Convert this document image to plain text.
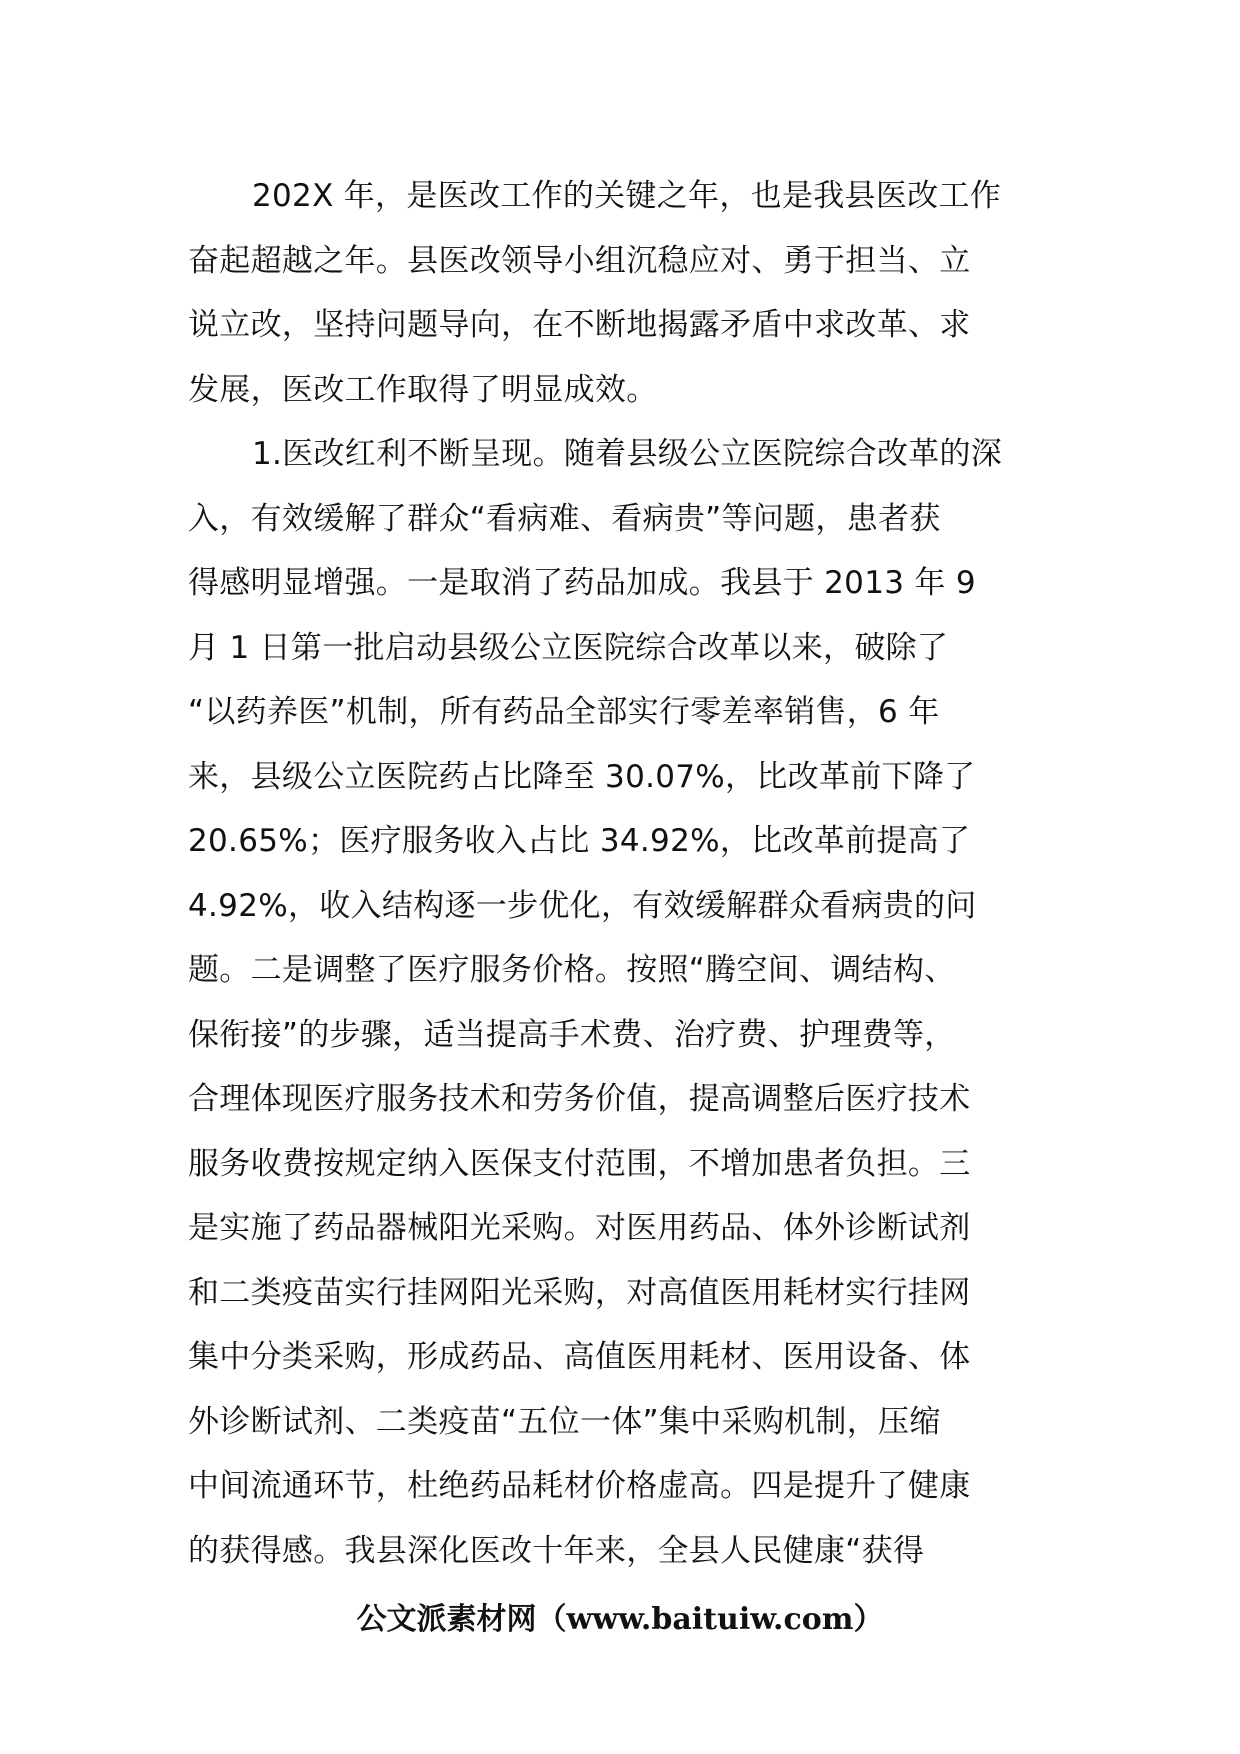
202X 年，是医改工作的关键之年，也是我县医改工作
奋起超越之年。县医改领导小组沉稳应对、勇于担当、立
说立改，坚持问题导向，在不断地揭露矛盾中求改革、求
发展，医改工作取得了明显成效。
1.医改红利不断呈现。随着县级公立医院综合改革的深
入，有效缓解了群众“看病难、看病贵”等问题，患者获
得感明显增强。一是取消了药品加成。我县于 2013 年 9
月 1 日第一批启动县级公立医院综合改革以来，破除了
“以药养医”机制，所有药品全部实行零差率销售，6 年
来，县级公立医院药占比降至 30.07%，比改革前下降了
20.65%；医疗服务收入占比 34.92%，比改革前提高了
4.92%，收入结构逐一步优化，有效缓解群众看病贵的问
题。二是调整了医疗服务价格。按照“腾空间、调结构、
保衔接”的步骤，适当提高手术费、治疗费、护理费等，
合理体现医疗服务技术和劳务价值，提高调整后医疗技术
服务收费按规定纳入医保支付范围，不增加患者负担。三
是实施了药品器械阳光采购。对医用药品、体外诊断试剂
和二类疫苗实行挂网阳光采购，对高值医用耗材实行挂网
集中分类采购，形成药品、高值医用耗材、医用设备、体
外诊断试剂、二类疫苗“五位一体”集中采购机制，压缩
中间流通环节，杜绝药品耗材价格虚高。四是提升了健康
的获得感。我县深化医改十年来，全县人民健康“获得
公文派素材网（www.baituiw.com）
